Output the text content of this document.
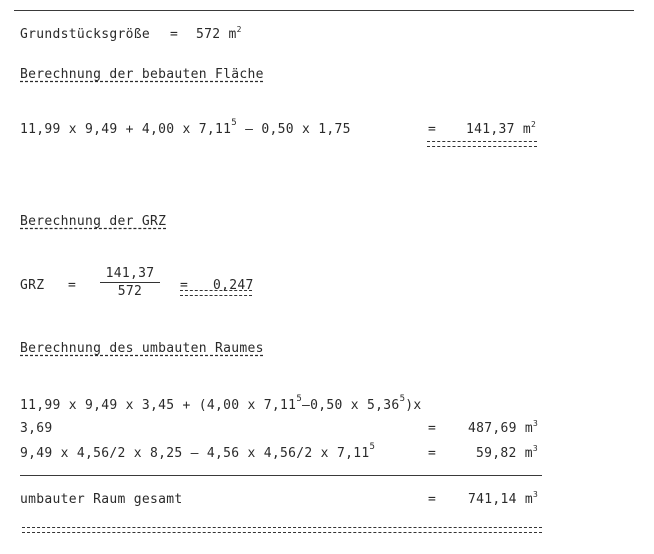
Grundstücksgröße = 572 $m^2$
Berechnung der bebauten Fläche
11,99 x 9,49 + 4,00 x 7,11$^5$ – 0,50 x 1,75	= 141,37 $m^2$
Berechnung der GRZ
GRZ =
141,37
572	= 0,247
Berechnung des umbauten Raumes
11,99 x 9,49 x 3,45 + (4,00 x 7,11$^5$–0,50 x 5,36$^5$)x
3,69	= 487,69 $m^3$
9,49 x 4,56/2 x 8,25 – 4,56 x 4,56/2 x $7,11^5$	=	59,82 $m^3$
umbauter Raum gesamt	= 741,14 $m^3$
